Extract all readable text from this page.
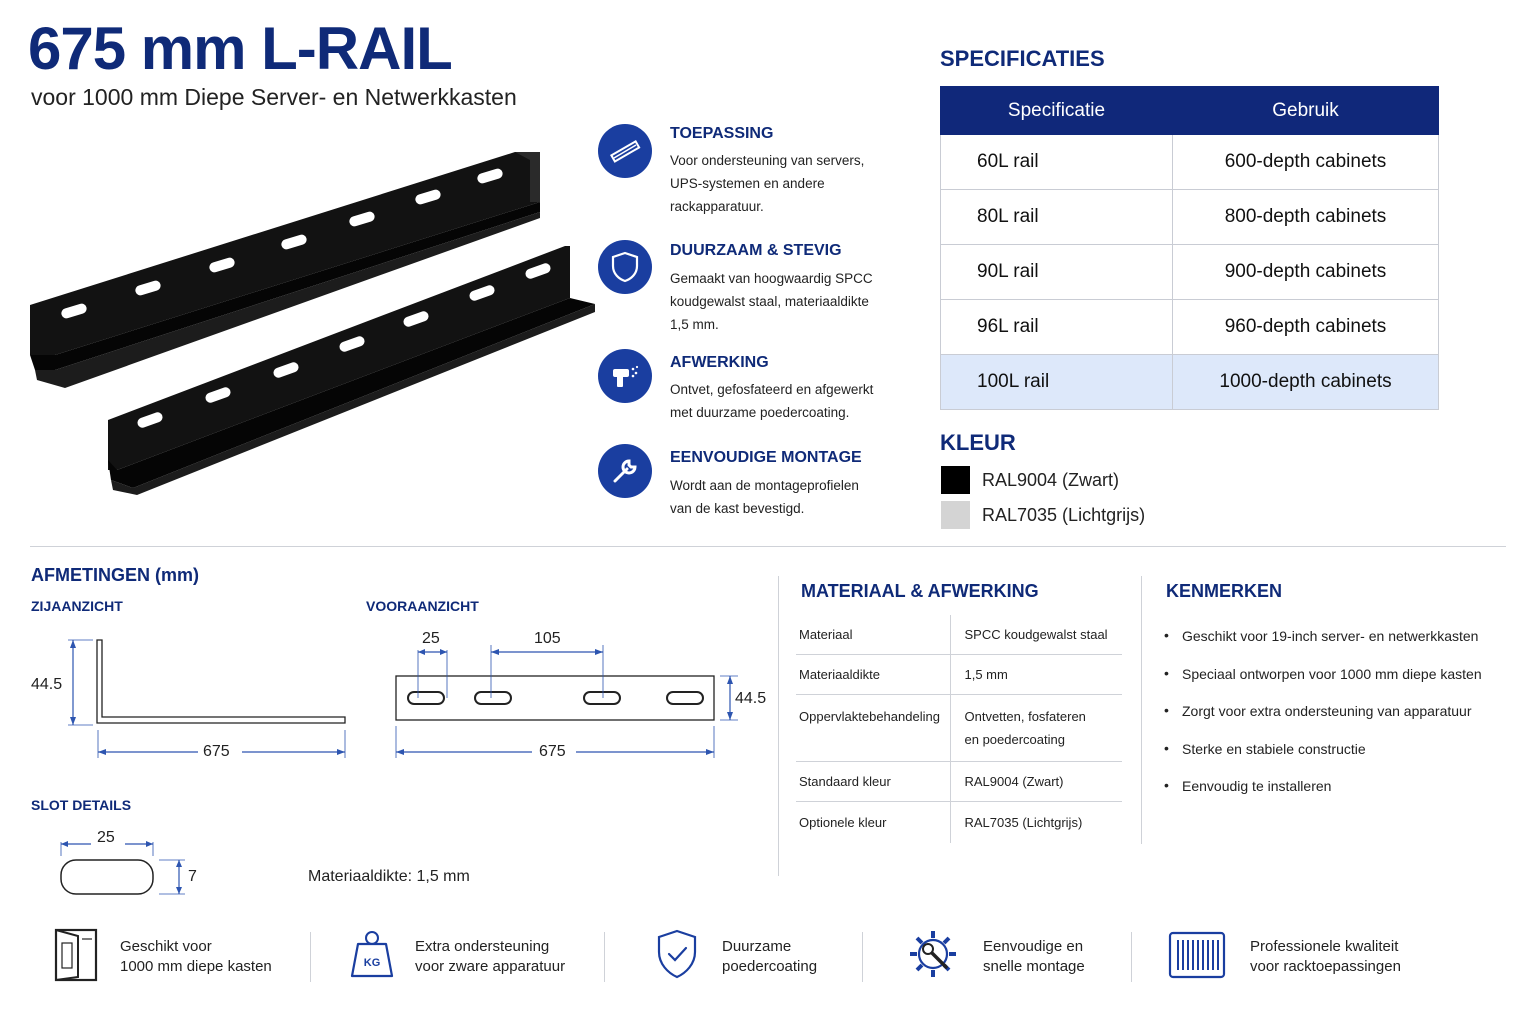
675 mm L-RAIL
voor 1000 mm Diepe Server- en Netwerkkasten
TOEPASSING
Voor ondersteuning van servers,
UPS-systemen en andere
rackapparatuur.
DUURZAAM & STEVIG
Gemaakt van hoogwaardig SPCC
koudgewalst staal, materiaaldikte
1,5 mm.
AFWERKING
Ontvet, gefosfateerd en afgewerkt
met duurzame poedercoating.
EENVOUDIGE MONTAGE
Wordt aan de montageprofielen
van de kast bevestigd.
SPECIFICATIES
Specificatie	Gebruik
60L rail	600-depth cabinets
80L rail	800-depth cabinets
90L rail	900-depth cabinets
96L rail	960-depth cabinets
100L rail	1000-depth cabinets
KLEUR
RAL9004 (Zwart)
RAL7035 (Lichtgrijs)
AFMETINGEN (mm)
ZIJAANZICHT	VOORAANZICHT
44.5
675
25	105
44.5
675
SLOT DETAILS
25
7	Materiaaldikte: 1,5 mm
MATERIAAL & AFWERKING
Materiaal	SPCC koudgewalst staal
Materiaaldikte	1,5 mm
Oppervlaktebehandeling	Ontvetten, fosfateren
en poedercoating

Standaard kleur	RAL9004 (Zwart)
Optionele kleur	RAL7035 (Lichtgrijs)
KENMERKEN
• Geschikt voor 19-inch server- en netwerkkasten
• Speciaal ontworpen voor 1000 mm diepe kasten
• Zorgt voor extra ondersteuning van apparatuur
• Sterke en stabiele constructie
• Eenvoudig te installeren
Geschikt voor
1000 mm diepe kasten	KG
Extra ondersteuning
voor zware apparatuur
Duurzame
poedercoating
Eenvoudige en
snelle montage
Professionele kwaliteit
voor racktoepassingen
